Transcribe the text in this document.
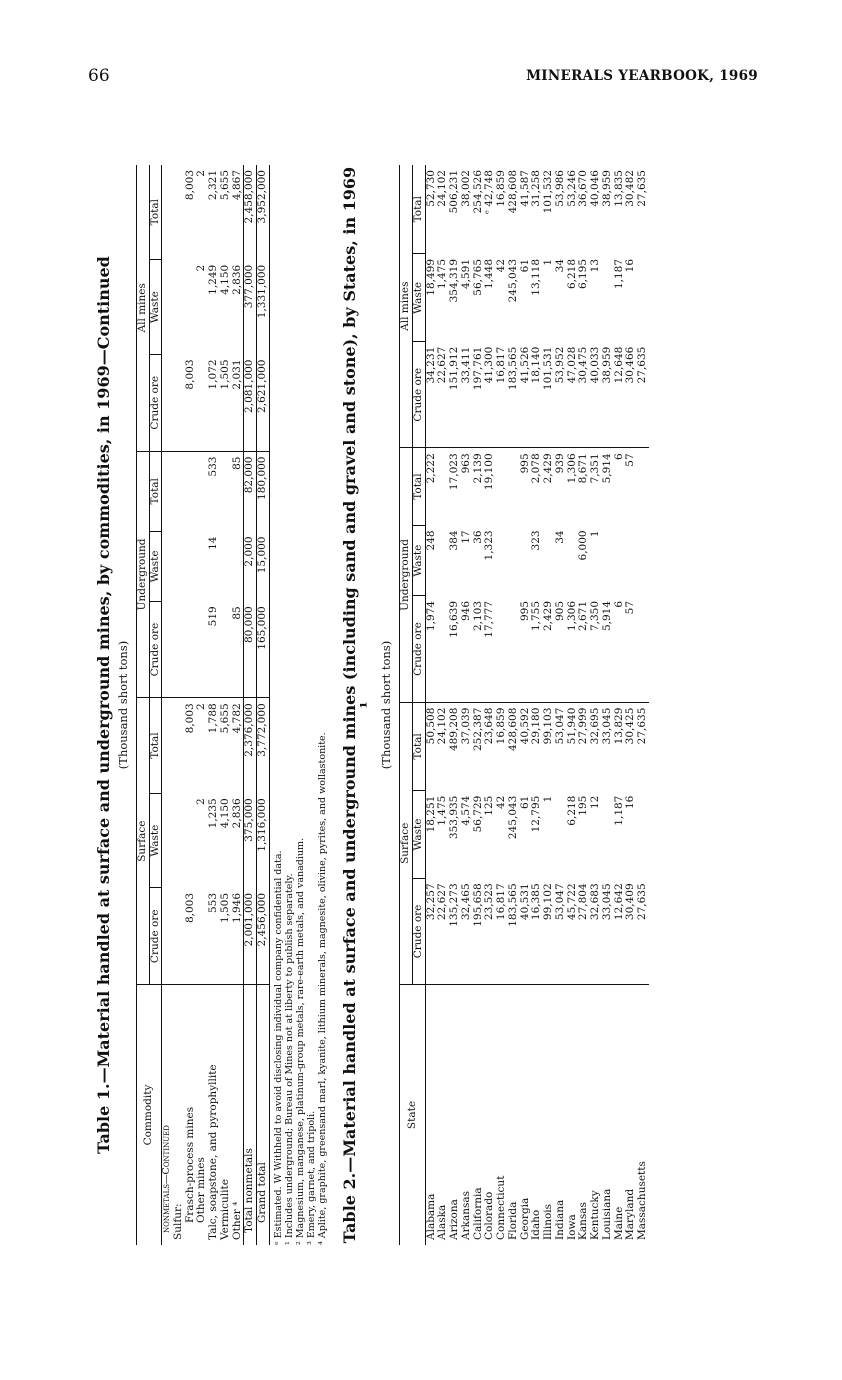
66	MINERALS YEARBOOK, 1969
Table 1.—Material handled at surface and underground mines, by commodities, in 1969—Continued (Thousand short tons)
Commodity	Surface			Underground			All mines		
	Crude ore	Waste	Total	Crude ore	Waste	Total	Crude ore	Waste	Total
nonmetals—Continued									
Sulfur:									
Frasch-process mines	8,003		8,003				8,003		8,003
Other mines		2	2					2	2
Talc, soapstone, and pyrophyllite	553	1,235	1,788	519	14	533	1,072	1,249	2,321
Vermiculite	1,505	4,150	5,655				1,505	4,150	5,655
Other ⁴	1,946	2,836	4,782	85		85	2,031	2,836	4,867
Total nonmetals	2,001,000	375,000	2,376,000	80,000	2,000	82,000	2,081,000	377,000	2,458,000
Grand total	2,456,000	1,316,000	3,772,000	165,000	15,000	180,000	2,621,000	1,331,000	3,952,000
ᵉ Estimated. W Withheld to avoid disclosing individual company confidential data. ¹ Includes underground; Bureau of Mines not at liberty to publish separately. ² Magnesium, manganese, platinum-group metals, rare-earth metals, and vanadium. ³ Emery, garnet, and tripoli. ⁴ Aplite, graphite, greensand marl, kyanite, lithium minerals, magnesite, olivine, pyrites, and wollastonite. Table 2.—Material handled at surface and underground mines (including sand and gravel and stone), by States, in 1969 ¹ (Thousand short tons)
State	Surface			Underground			All mines		
	Crude ore	Waste	Total	Crude ore	Waste	Total	Crude ore	Waste	Total
Alabama	32,257	18,251	50,508	1,974	248	2,222	34,231	18,499	52,730
Alaska	22,627	1,475	24,102				22,627	1,475	24,102
Arizona	135,273	353,935	489,208	16,639	384	17,023	151,912	354,319	506,231
Arkansas	32,465	4,574	37,039	946	17	963	33,411	4,591	38,002
California	195,658	56,729	252,387	2,103	36	2,139	197,761	56,765	254,526
Colorado	23,523	125	23,648	17,777	1,323	19,100	41,300	1,448	ᵉ 42,748
Connecticut	16,817	42	16,859				16,817	42	16,859
Florida	183,565	245,043	428,608				183,565	245,043	428,608
Georgia	40,531	61	40,592	995		995	41,526	61	41,587
Idaho	16,385	12,795	29,180	1,755	323	2,078	18,140	13,118	31,258
Illinois	99,102	1	99,103	2,429		2,429	101,531	1	101,532
Indiana	53,047		53,047	905	34	939	53,952	34	53,986
Iowa	45,722	6,218	51,940	1,306		1,306	47,028	6,218	53,246
Kansas	27,804	195	27,999	2,671	6,000	8,671	30,475	6,195	36,670
Kentucky	32,683	12	32,695	7,350	1	7,351	40,033	13	40,046
Louisiana	33,045		33,045	5,914		5,914	38,959		38,959
Maine	12,642	1,187	13,829	6		6	12,648	1,187	13,835
Maryland	30,409	16	30,425	57		57	30,466	16	30,482
Massachusetts	27,635		27,635				27,635		27,635
